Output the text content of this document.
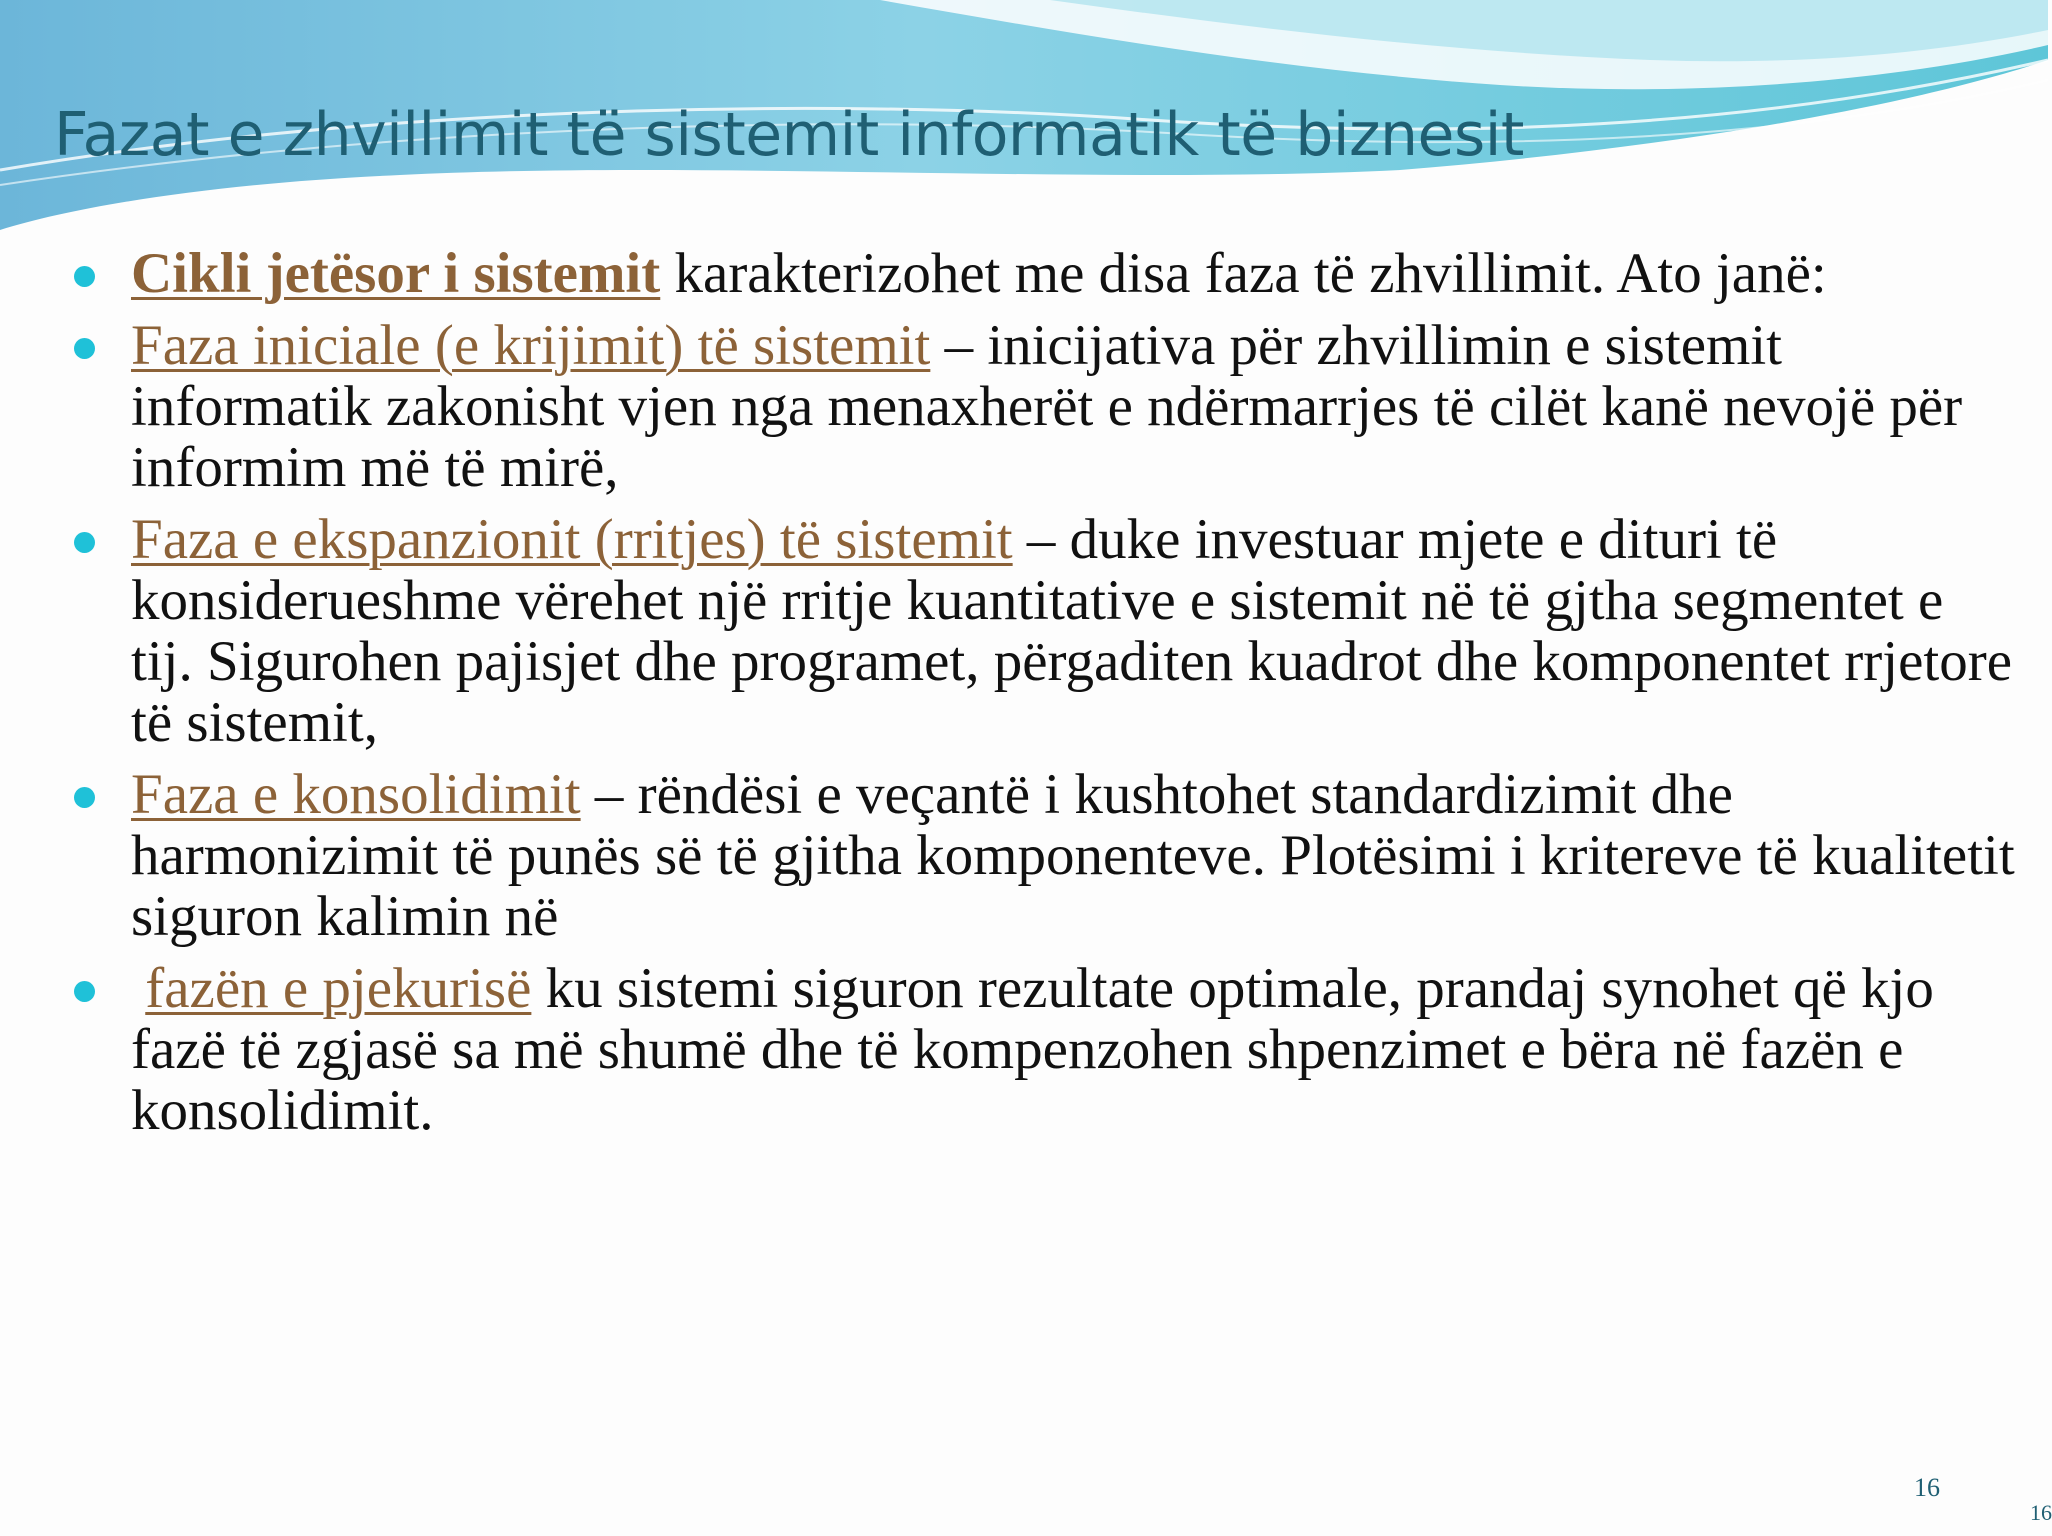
Fazat e zhvillimit të sistemit informatik të biznesit
Cikli jetësor i sistemit karakterizohet me disa faza të zhvillimit. Ato janë:
Faza iniciale (e krijimit) të sistemit – inicijativa për zhvillimin e sistemit informatik zakonisht vjen nga menaxherët e ndërmarrjes të cilët kanë nevojë për informim më të mirë,
Faza e ekspanzionit (rritjes) të sistemit – duke investuar mjete e dituri të konsiderueshme vërehet një rritje kuantitative e sistemit në të gjtha segmentet e tij. Sigurohen pajisjet dhe programet, përgaditen kuadrot dhe komponentet rrjetore të sistemit,
Faza e konsolidimit – rëndësi e veçantë i kushtohet standardizimit dhe harmonizimit të punës së të gjitha komponenteve. Plotësimi i kritereve të kualitetit siguron kalimin në
fazën e pjekurisë ku sistemi siguron rezultate optimale, prandaj synohet që kjo fazë të zgjasë sa më shumë dhe të kompenzohen shpenzimet e bëra në fazën e konsolidimit.
16
16
